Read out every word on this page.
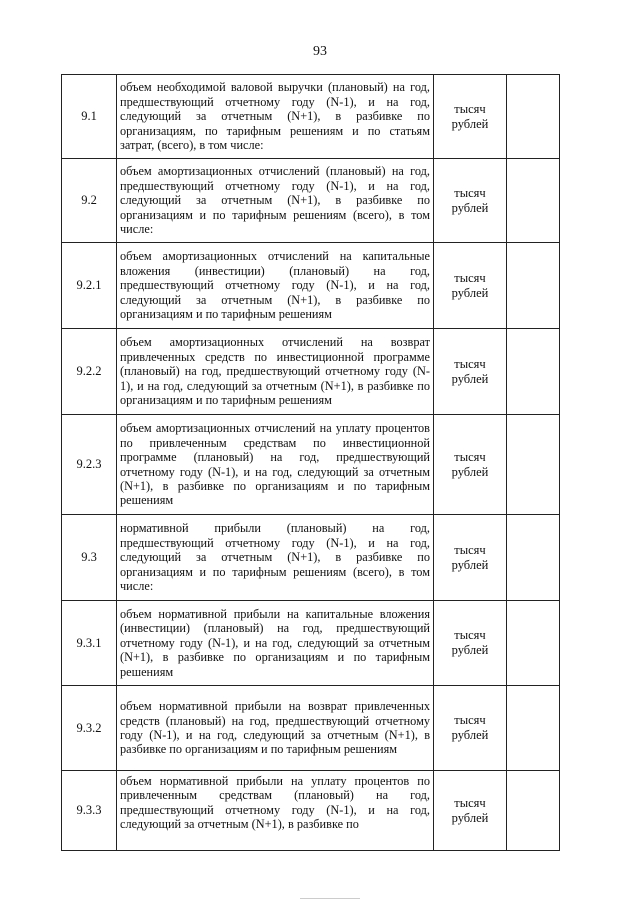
93
9.1	объем необходимой валовой выручки (плановый) на год, предшествующий отчетному году (N-1), и на год, следующий за отчетным (N+1), в разбивке по организациям, по тарифным решениям и по статьям затрат, (всего), в том числе:	тысяч
рублей	

9.2	объем амортизационных отчислений (плановый) на год, предшествующий отчетному году (N-1), и на год, следующий за отчетным (N+1), в разбивке по организациям и по тарифным решениям (всего), в том числе:	тысяч
рублей	

9.2.1	объем амортизационных отчислений на капитальные вложения (инвестиции) (плановый) на год, предшествующий отчетному году (N-1), и на год, следующий за отчетным (N+1), в разбивке по организациям и по тарифным решениям	тысяч
рублей	

9.2.2	объем амортизационных отчислений на возврат привлеченных средств по инвестиционной программе (плановый) на год, предшествующий отчетному году (N-1), и на год, следующий за отчетным (N+1), в разбивке по организациям и по тарифным решениям	тысяч
рублей	

9.2.3	объем амортизационных отчислений на уплату процентов по привлеченным средствам по инвестиционной программе (плановый) на год, предшествующий отчетному году (N-1), и на год, следующий за отчетным (N+1), в разбивке по организациям и по тарифным решениям	тысяч
рублей	

9.3	нормативной прибыли (плановый) на год, предшествующий отчетному году (N-1), и на год, следующий за отчетным (N+1), в разбивке по организациям и по тарифным решениям (всего), в том числе:	тысяч
рублей	

9.3.1	объем нормативной прибыли на капитальные вложения (инвестиции) (плановый) на год, предшествующий отчетному году (N-1), и на год, следующий за отчетным (N+1), в разбивке по организациям и по тарифным решениям	тысяч
рублей	

9.3.2	объем нормативной прибыли на возврат привлеченных средств (плановый) на год, предшествующий отчетному году (N-1), и на год, следующий за отчетным (N+1), в разбивке по организациям и по тарифным решениям	тысяч
рублей	

9.3.3	объем нормативной прибыли на уплату процентов по привлеченным средствам (плановый) на год, предшествующий отчетному году (N-1), и на год, следующий за отчетным (N+1), в разбивке по	тысяч
рублей	
